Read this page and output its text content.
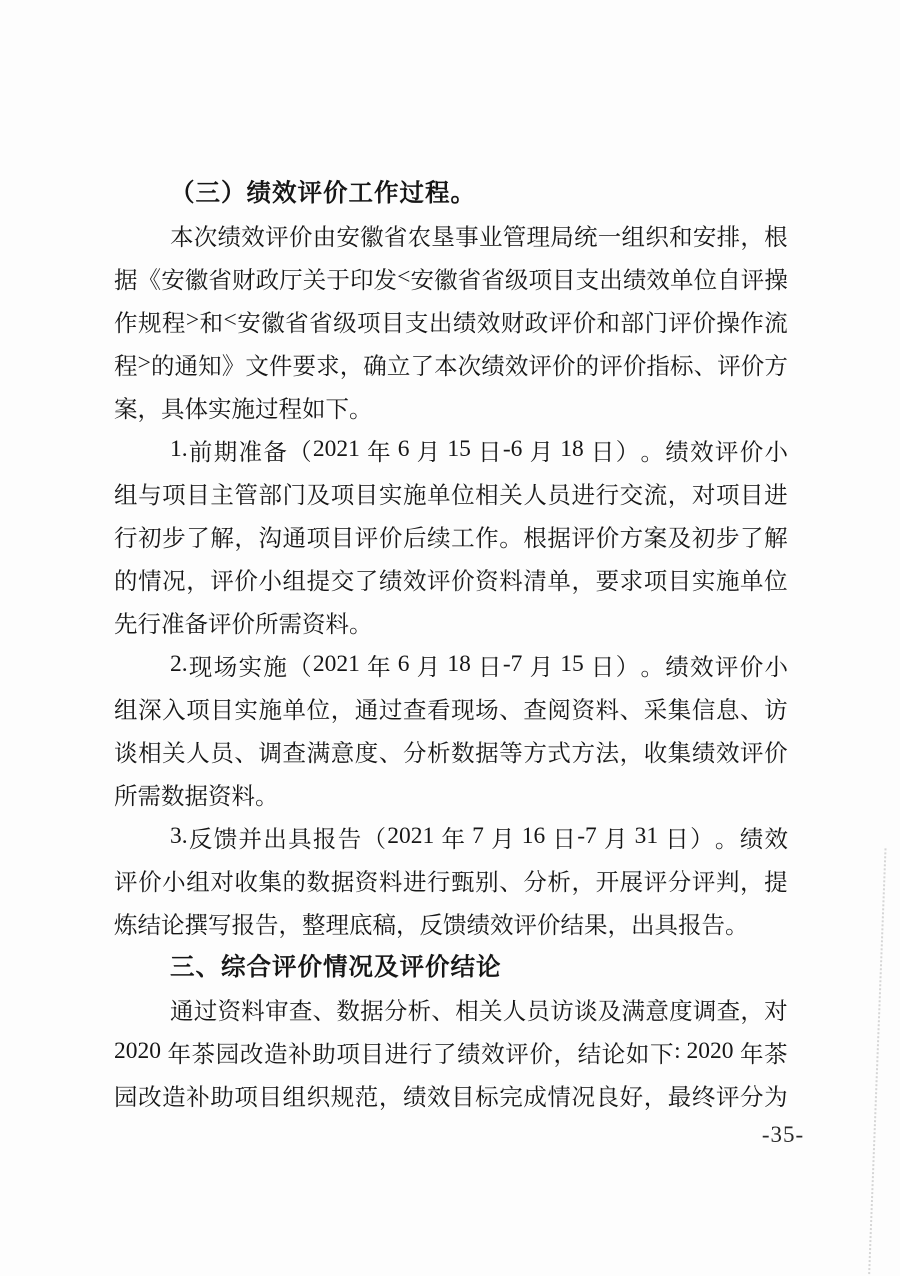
（ 三 ） 绩 效 评 价 工 作 过 程 。
本 次 绩 效 评 价 由 安 徽 省 农 垦 事 业 管 理 局 统 一 组 织 和 安 排 ， 根
据 《 安 徽 省 财 政 厅 关 于 印 发 < 安 徽 省 省 级 项 目 支 出 绩 效 单 位 自 评 操
作 规 程 > 和 < 安 徽 省 省 级 项 目 支 出 绩 效 财 政 评 价 和 部 门 评 价 操 作 流
程 > 的 通 知 》 文 件 要 求 ， 确 立 了 本 次 绩 效 评 价 的 评 价 指 标 、 评 价 方
案 ， 具 体 实 施 过 程 如 下 。
1. 前 期 准 备 （ 2021 年 6 月 15 日 -6 月 18 日 ） 。 绩 效 评 价 小
组 与 项 目 主 管 部 门 及 项 目 实 施 单 位 相 关 人 员 进 行 交 流 ， 对 项 目 进
行 初 步 了 解 ， 沟 通 项 目 评 价 后 续 工 作 。 根 据 评 价 方 案 及 初 步 了 解
的 情 况 ， 评 价 小 组 提 交 了 绩 效 评 价 资 料 清 单 ， 要 求 项 目 实 施 单 位
先 行 准 备 评 价 所 需 资 料 。
2. 现 场 实 施 （ 2021 年 6 月 18 日 -7 月 15 日 ） 。 绩 效 评 价 小
组 深 入 项 目 实 施 单 位 ， 通 过 查 看 现 场 、 查 阅 资 料 、 采 集 信 息 、 访
谈 相 关 人 员 、 调 查 满 意 度 、 分 析 数 据 等 方 式 方 法 ， 收 集 绩 效 评 价
所 需 数 据 资 料 。
3. 反 馈 并 出 具 报 告 （ 2021 年 7 月 16 日 -7 月 31 日 ） 。 绩 效
评 价 小 组 对 收 集 的 数 据 资 料 进 行 甄 别 、 分 析 ， 开 展 评 分 评 判 ， 提
炼 结 论 撰 写 报 告 ， 整 理 底 稿 ， 反 馈 绩 效 评 价 结 果 ， 出 具 报 告 。
三 、 综 合 评 价 情 况 及 评 价 结 论
通 过 资 料 审 查 、 数 据 分 析 、 相 关 人 员 访 谈 及 满 意 度 调 查 ， 对
2020 年 茶 园 改 造 补 助 项 目 进 行 了 绩 效 评 价 ， 结 论 如 下 : 2020 年 茶
园 改 造 补 助 项 目 组 织 规 范 ， 绩 效 目 标 完 成 情 况 良 好 ， 最 终 评 分 为
-35-
